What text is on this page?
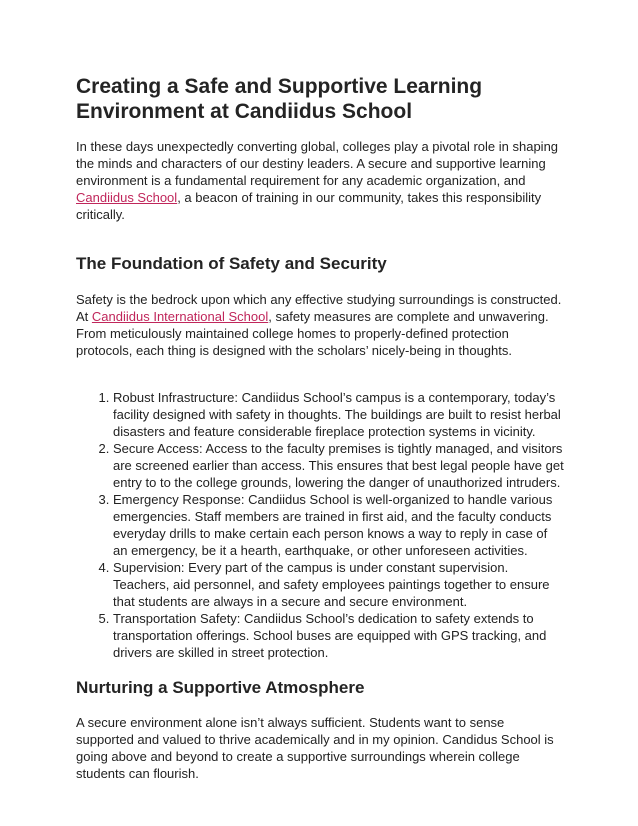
Creating a Safe and Supportive Learning Environment at Candiidus School

In these days unexpectedly converting global, colleges play a pivotal role in shaping the minds and characters of our destiny leaders. A secure and supportive learning environment is a fundamental requirement for any academic organization, and Candiidus School, a beacon of training in our community, takes this responsibility critically.

The Foundation of Safety and Security

Safety is the bedrock upon which any effective studying surroundings is constructed. At Candiidus International School, safety measures are complete and unwavering. From meticulously maintained college homes to properly-defined protection protocols, each thing is designed with the scholars’ nicely-being in thoughts.

1. Robust Infrastructure: Candiidus School’s campus is a contemporary, today’s facility designed with safety in thoughts. The buildings are built to resist herbal disasters and feature considerable fireplace protection systems in vicinity.
2. Secure Access: Access to the faculty premises is tightly managed, and visitors are screened earlier than access. This ensures that best legal people have get entry to to the college grounds, lowering the danger of unauthorized intruders.
3. Emergency Response: Candiidus School is well-organized to handle various emergencies. Staff members are trained in first aid, and the faculty conducts everyday drills to make certain each person knows a way to reply in case of an emergency, be it a hearth, earthquake, or other unforeseen activities.
4. Supervision: Every part of the campus is under constant supervision. Teachers, aid personnel, and safety employees paintings together to ensure that students are always in a secure and secure environment.
5. Transportation Safety: Candiidus School’s dedication to safety extends to transportation offerings. School buses are equipped with GPS tracking, and drivers are skilled in street protection.
Nurturing a Supportive Atmosphere

A secure environment alone isn’t always sufficient. Students want to sense supported and valued to thrive academically and in my opinion. Candidus School is going above and beyond to create a supportive surroundings wherein college students can flourish.
